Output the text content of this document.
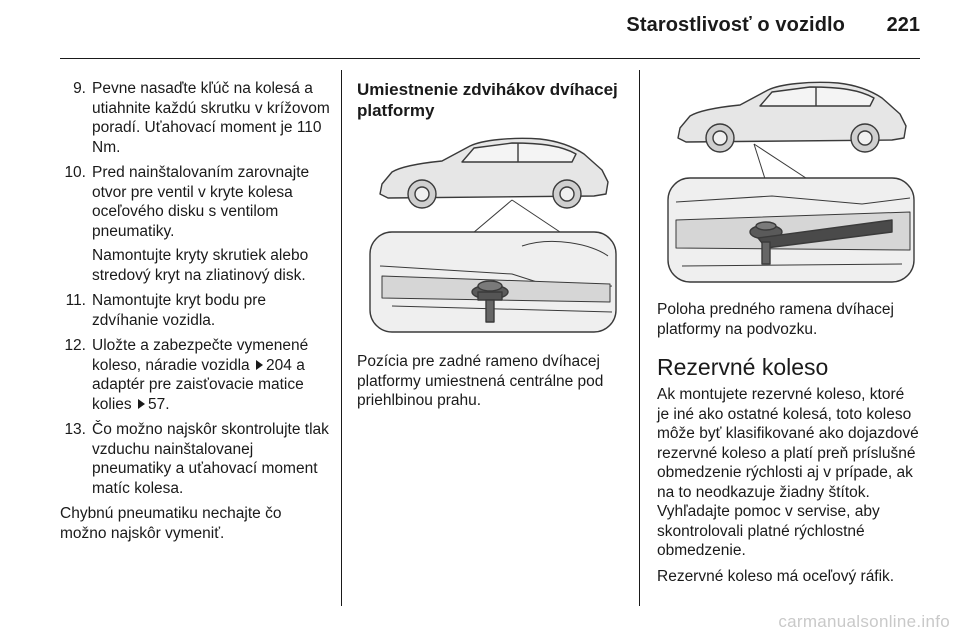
Starostlivosť o vozidlo	221
9. Pevne nasaďte kľúč na kolesá a utiahnite každú skrutku v krížovom poradí. Uťahovací moment je 110 Nm.
10. Pred nainštalovaním zarovnajte otvor pre ventil v kryte kolesa oceľového disku s ventilom pneumatiky.
Namontujte kryty skrutiek alebo stredový kryt na zliatinový disk.
11. Namontujte kryt bodu pre zdvíhanie vozidla.
12. Uložte a zabezpečte vymenené koleso, náradie vozidla 204 a adaptér pre zaisťovacie matice kolies 57.
13. Čo možno najskôr skontrolujte tlak vzduchu nainštalovanej pneumatiky a uťahovací moment matíc kolesa.

Chybnú pneumatiku nechajte čo možno najskôr vymeniť.

Umiestnenie zdvihákov dvíhacej platformy

Pozícia pre zadné rameno dvíhacej platformy umiestnená centrálne pod priehlbinou prahu.

Poloha predného ramena dvíhacej platformy na podvozku.

Rezervné koleso

Ak montujete rezervné koleso, ktoré je iné ako ostatné kolesá, toto koleso môže byť klasifikované ako dojazdové rezervné koleso a platí preň príslušné obmedzenie rýchlosti aj v prípade, ak na to neodkazuje žiadny štítok. Vyhľadajte pomoc v servise, aby skontrolovali platné rýchlostné obmedzenie.

Rezervné koleso má oceľový ráfik.

carmanualsonline.info
